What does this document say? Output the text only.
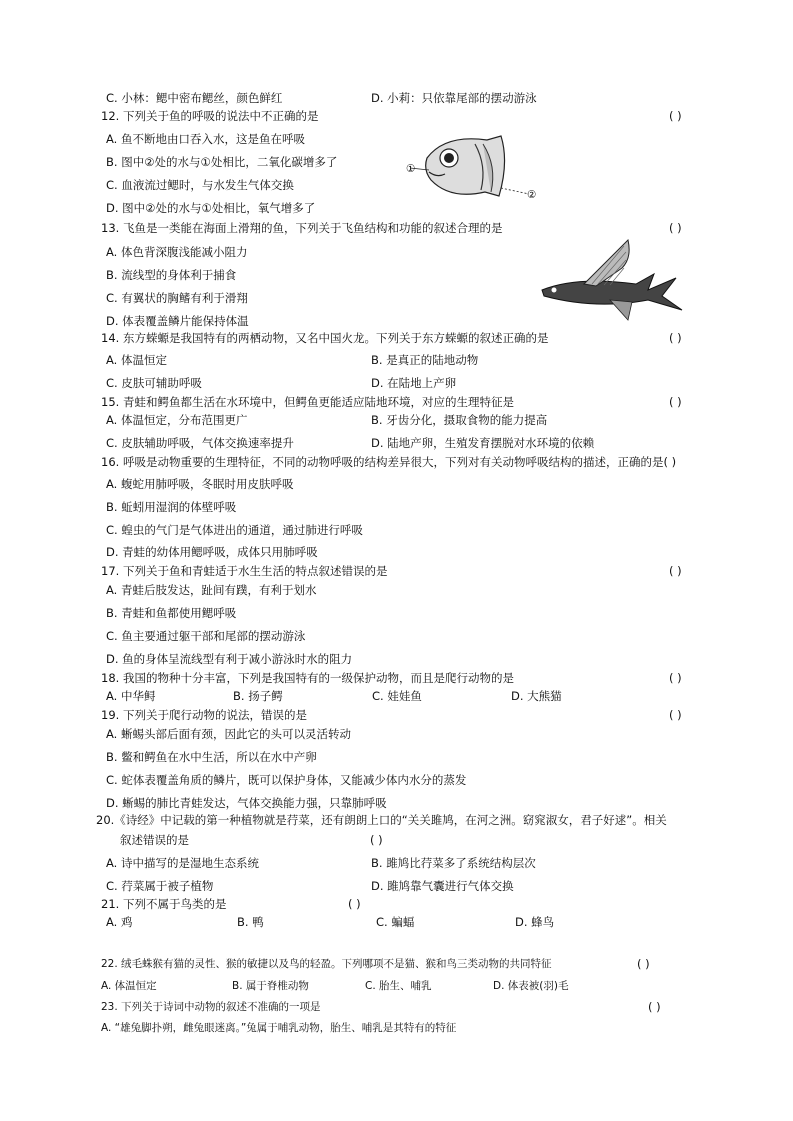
C. 小林：鳃中密布鳃丝，颜色鲜红	D. 小莉：只依靠尾部的摆动游泳
12. 下列关于鱼的呼吸的说法中不正确的是	( )
A. 鱼不断地由口吞入水，这是鱼在呼吸
B. 图中②处的水与①处相比，二氧化碳增多了
C. 血液流过鳃时，与水发生气体交换
D. 图中②处的水与①处相比，氧气增多了
①
②
13. 飞鱼是一类能在海面上滑翔的鱼，下列关于飞鱼结构和功能的叙述合理的是	( )
A. 体色背深腹浅能减小阻力
B. 流线型的身体利于捕食
C. 有翼状的胸鳍有利于滑翔
D. 体表覆盖鳞片能保持体温
14. 东方蝾螈是我国特有的两栖动物，又名中国火龙。下列关于东方蝾螈的叙述正确的是	( )
A. 体温恒定	B. 是真正的陆地动物
C. 皮肤可辅助呼吸	D. 在陆地上产卵
15. 青蛙和鳄鱼都生活在水环境中，但鳄鱼更能适应陆地环境，对应的生理特征是	( )
A. 体温恒定，分布范围更广	B. 牙齿分化，摄取食物的能力提高
C. 皮肤辅助呼吸，气体交换速率提升	D. 陆地产卵，生殖发育摆脱对水环境的依赖
16. 呼吸是动物重要的生理特征，不同的动物呼吸的结构差异很大，下列对有关动物呼吸结构的描述，正确的是( )
A. 蝮蛇用肺呼吸，冬眠时用皮肤呼吸
B. 蚯蚓用湿润的体壁呼吸
C. 蝗虫的气门是气体进出的通道，通过肺进行呼吸
D. 青蛙的幼体用鳃呼吸，成体只用肺呼吸
17. 下列关于鱼和青蛙适于水生生活的特点叙述错误的是	( )
A. 青蛙后肢发达，趾间有蹼，有利于划水
B. 青蛙和鱼都使用鳃呼吸
C. 鱼主要通过躯干部和尾部的摆动游泳
D. 鱼的身体呈流线型有利于减小游泳时水的阻力
18. 我国的物种十分丰富，下列是我国特有的一级保护动物，而且是爬行动物的是	( )
A. 中华鲟	B. 扬子鳄	C. 娃娃鱼	D. 大熊猫
19. 下列关于爬行动物的说法，错误的是	( )
A. 蜥蜴头部后面有颈，因此它的头可以灵活转动
B. 鳖和鳄鱼在水中生活，所以在水中产卵
C. 蛇体表覆盖角质的鳞片，既可以保护身体，又能减少体内水分的蒸发
D. 蜥蜴的肺比青蛙发达，气体交换能力强，只靠肺呼吸
20.《诗经》中记载的第一种植物就是荇菜，还有朗朗上口的“关关雎鸠，在河之洲。窈窕淑女，君子好逑”。相关
叙述错误的是	( )
A. 诗中描写的是湿地生态系统	B. 雎鸠比荇菜多了系统结构层次
C. 荇菜属于被子植物	D. 雎鸠靠气囊进行气体交换
21. 下列不属于鸟类的是	( )
A. 鸡	B. 鸭	C. 蝙蝠	D. 蜂鸟
22. 绒毛蛛猴有猫的灵性、猴的敏捷以及鸟的轻盈。下列哪项不是猫、猴和鸟三类动物的共同特征	( )
A. 体温恒定	B. 属于脊椎动物	C. 胎生、哺乳	D. 体表被(羽)毛
23. 下列关于诗词中动物的叙述不准确的一项是	( )
A. “雄兔脚扑朔，雌兔眼迷离。”兔属于哺乳动物，胎生、哺乳是其特有的特征
